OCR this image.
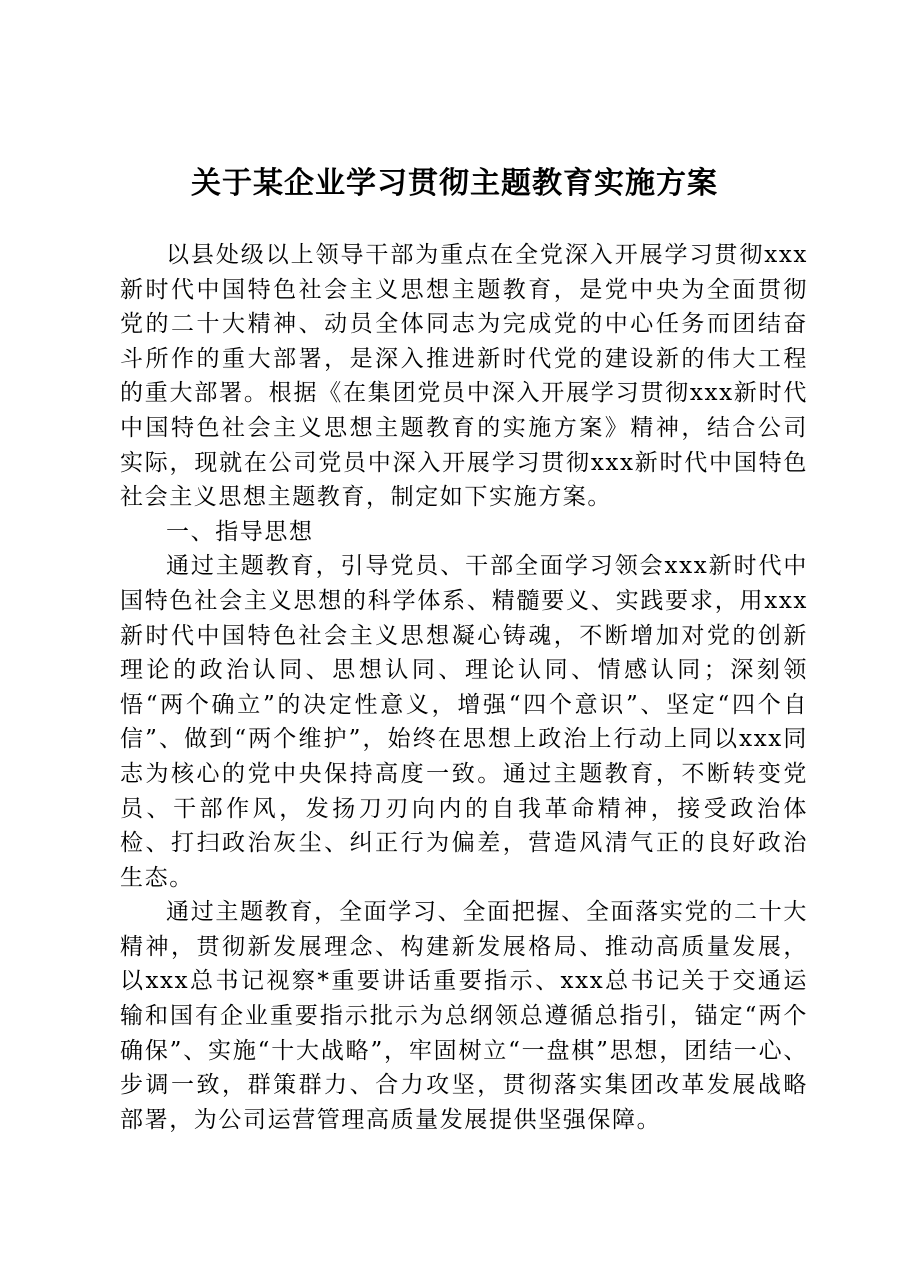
关于某企业学习贯彻主题教育实施方案

以县处级以上领导干部为重点在全党深入开展学习贯彻xxx新时代中国特色社会主义思想主题教育，是党中央为全面贯彻党的二十大精神、动员全体同志为完成党的中心任务而团结奋斗所作的重大部署，是深入推进新时代党的建设新的伟大工程的重大部署。根据《在集团党员中深入开展学习贯彻xxx新时代中国特色社会主义思想主题教育的实施方案》精神，结合公司实际，现就在公司党员中深入开展学习贯彻xxx新时代中国特色社会主义思想主题教育，制定如下实施方案。

一、指导思想

通过主题教育，引导党员、干部全面学习领会xxx新时代中国特色社会主义思想的科学体系、精髓要义、实践要求，用xxx新时代中国特色社会主义思想凝心铸魂，不断增加对党的创新理论的政治认同、思想认同、理论认同、情感认同；深刻领悟“两个确立”的决定性意义，增强“四个意识”、坚定“四个自信”、做到“两个维护”，始终在思想上政治上行动上同以xxx同志为核心的党中央保持高度一致。通过主题教育，不断转变党员、干部作风，发扬刀刃向内的自我革命精神，接受政治体检、打扫政治灰尘、纠正行为偏差，营造风清气正的良好政治生态。

通过主题教育，全面学习、全面把握、全面落实党的二十大精神，贯彻新发展理念、构建新发展格局、推动高质量发展，以xxx总书记视察*重要讲话重要指示、xxx总书记关于交通运输和国有企业重要指示批示为总纲领总遵循总指引，锚定“两个确保”、实施“十大战略”，牢固树立“一盘棋”思想，团结一心、步调一致，群策群力、合力攻坚，贯彻落实集团改革发展战略部署，为公司运营管理高质量发展提供坚强保障。
